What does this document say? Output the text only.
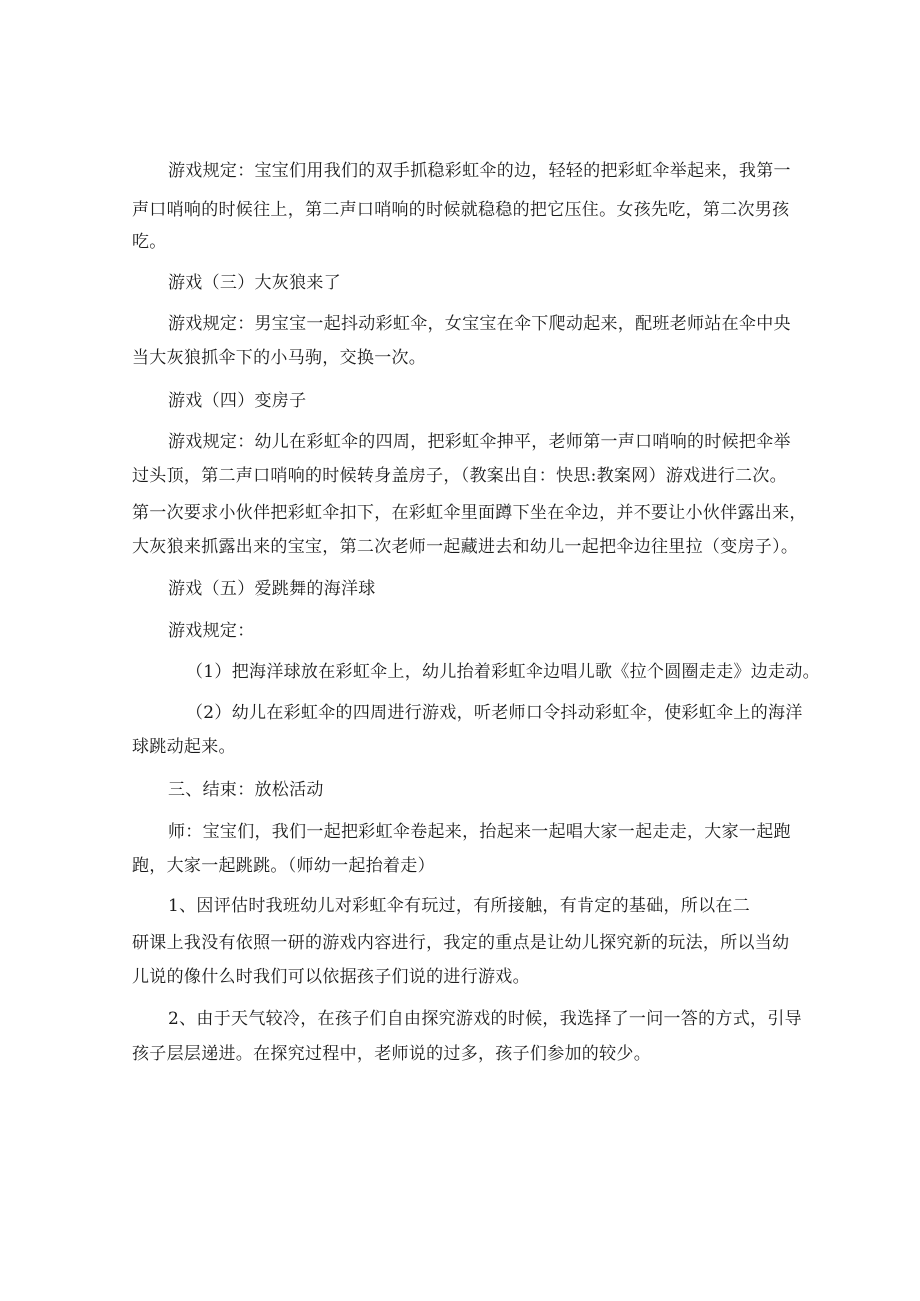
游戏规定：宝宝们用我们的双手抓稳彩虹伞的边，轻轻的把彩虹伞举起来，我第一
声口哨响的时候往上，第二声口哨响的时候就稳稳的把它压住。女孩先吃，第二次男孩
吃。
游戏（三）大灰狼来了
游戏规定：男宝宝一起抖动彩虹伞，女宝宝在伞下爬动起来，配班老师站在伞中央
当大灰狼抓伞下的小马驹，交换一次。
游戏（四）变房子
游戏规定：幼儿在彩虹伞的四周，把彩虹伞抻平，老师第一声口哨响的时候把伞举
过头顶，第二声口哨响的时候转身盖房子，（教案出自：快思:教案网）游戏进行二次。
第一次要求小伙伴把彩虹伞扣下，在彩虹伞里面蹲下坐在伞边，并不要让小伙伴露出来，
大灰狼来抓露出来的宝宝，第二次老师一起藏进去和幼儿一起把伞边往里拉（变房子）。
游戏（五）爱跳舞的海洋球
游戏规定：
（1）把海洋球放在彩虹伞上，幼儿抬着彩虹伞边唱儿歌《拉个圆圈走走》边走动。
（2）幼儿在彩虹伞的四周进行游戏，听老师口令抖动彩虹伞，使彩虹伞上的海洋
球跳动起来。
三、结束：放松活动
师：宝宝们，我们一起把彩虹伞卷起来，抬起来一起唱大家一起走走，大家一起跑
跑，大家一起跳跳。（师幼一起抬着走）
1、因评估时我班幼儿对彩虹伞有玩过，有所接触，有肯定的基础，所以在二
研课上我没有依照一研的游戏内容进行，我定的重点是让幼儿探究新的玩法，所以当幼
儿说的像什么时我们可以依据孩子们说的进行游戏。
2、由于天气较冷，在孩子们自由探究游戏的时候，我选择了一问一答的方式，引导
孩子层层递进。在探究过程中，老师说的过多，孩子们参加的较少。
